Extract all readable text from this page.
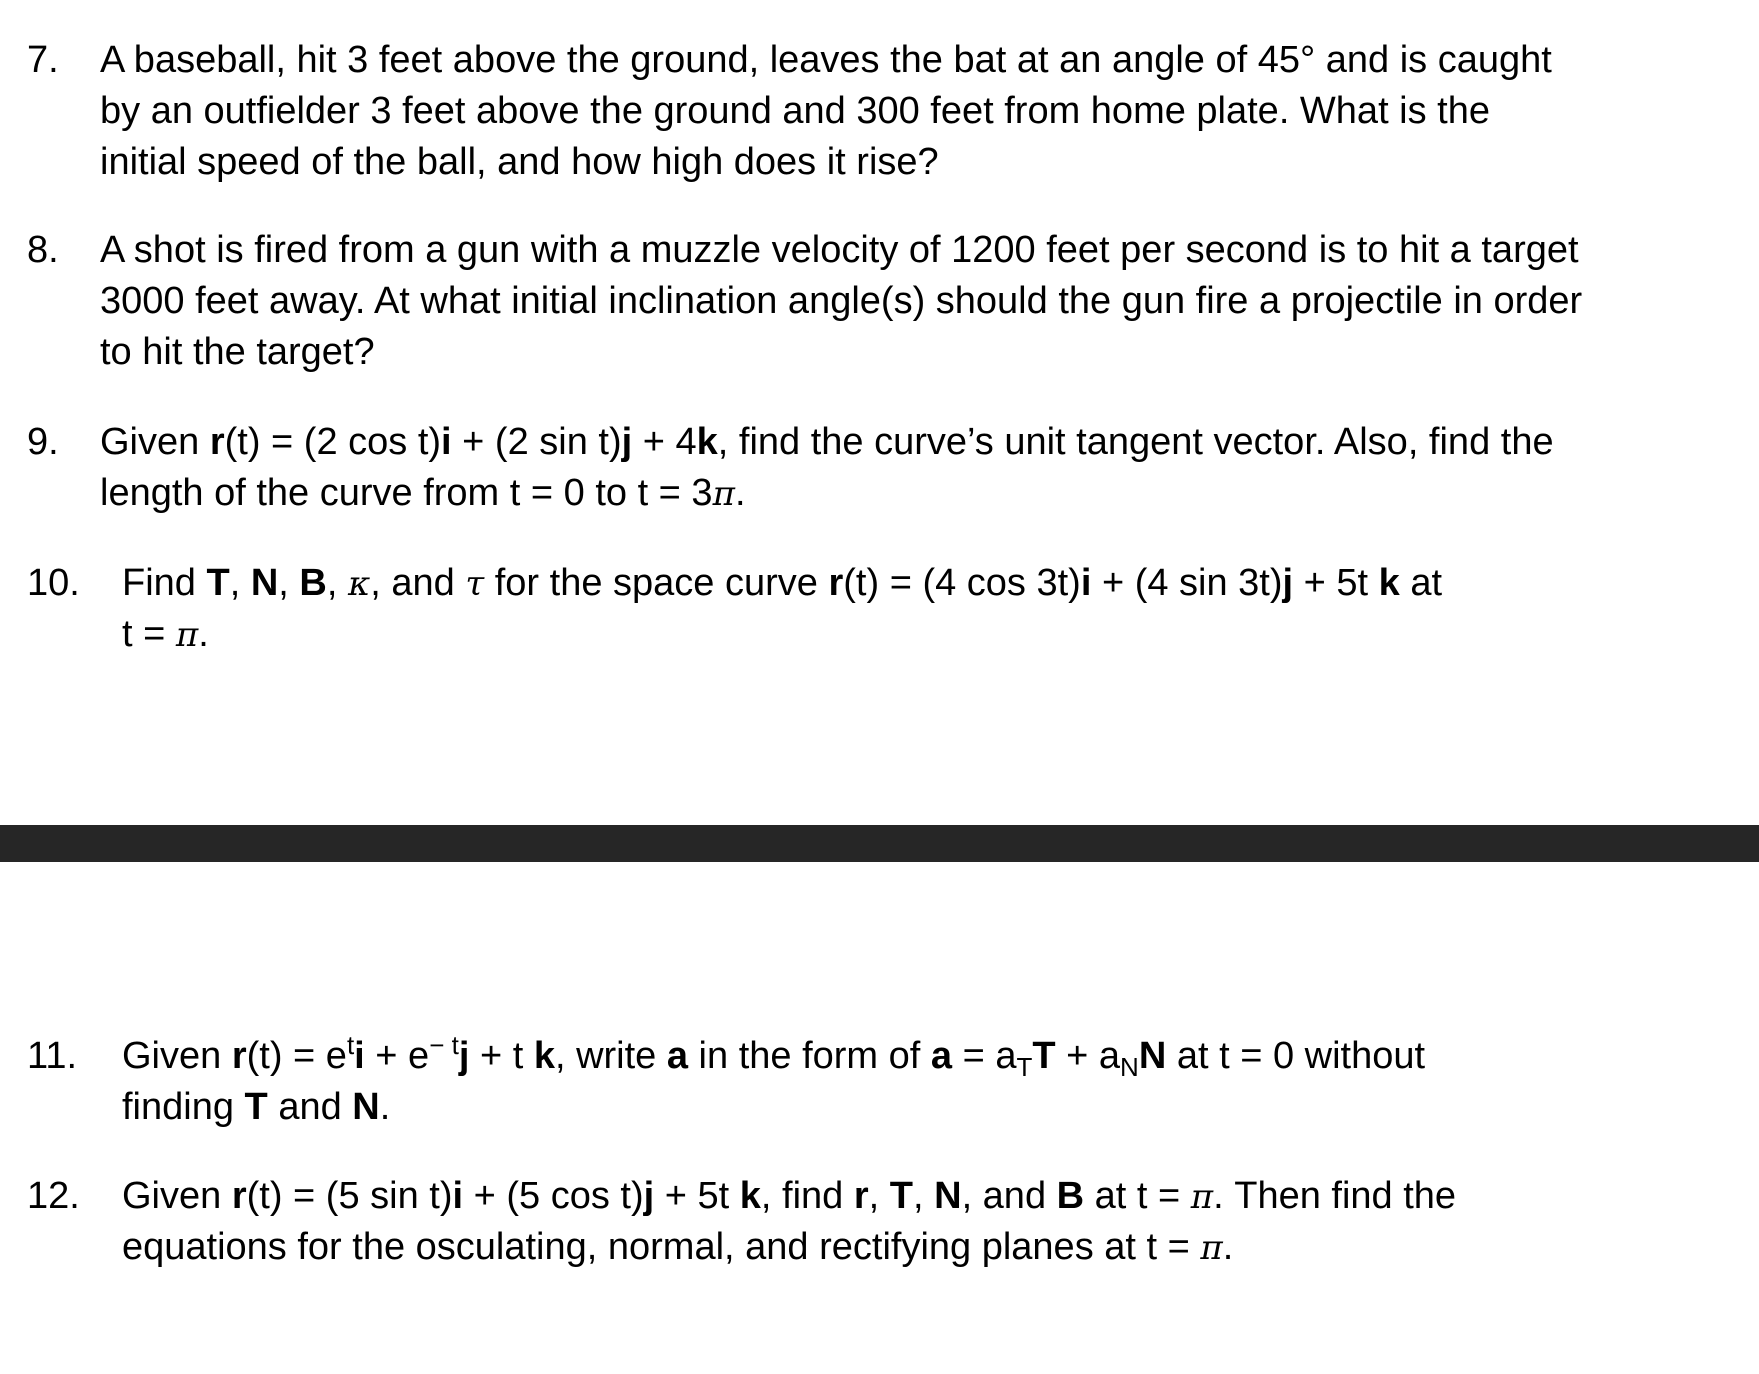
7. A baseball, hit 3 feet above the ground, leaves the bat at an angle of 45° and is caught
by an outfielder 3 feet above the ground and 300 feet from home plate. What is the
initial speed of the ball, and how high does it rise?
8. A shot is fired from a gun with a muzzle velocity of 1200 feet per second is to hit a target
3000 feet away. At what initial inclination angle(s) should the gun fire a projectile in order
to hit the target?
9. Given r(t) = (2 cos t)i + (2 sin t)j + 4k, find the curve’s unit tangent vector. Also, find the
length of the curve from t = 0 to t = 3π.
10. Find T, N, B, κ, and τ for the space curve r(t) = (4 cos 3t)i + (4 sin 3t)j + 5t k at
t = π.
11. Given $r(t) = e^ti + e^{- t}j + t$ k, write a in the form of $a = a_TT + a_NN$ at t = 0 without
finding T and N.
12. Given r(t) = (5 sin t)i + (5 cos t)j + 5t k, find r, T, N, and B at t = π. Then find the
equations for the osculating, normal, and rectifying planes at t = π.
